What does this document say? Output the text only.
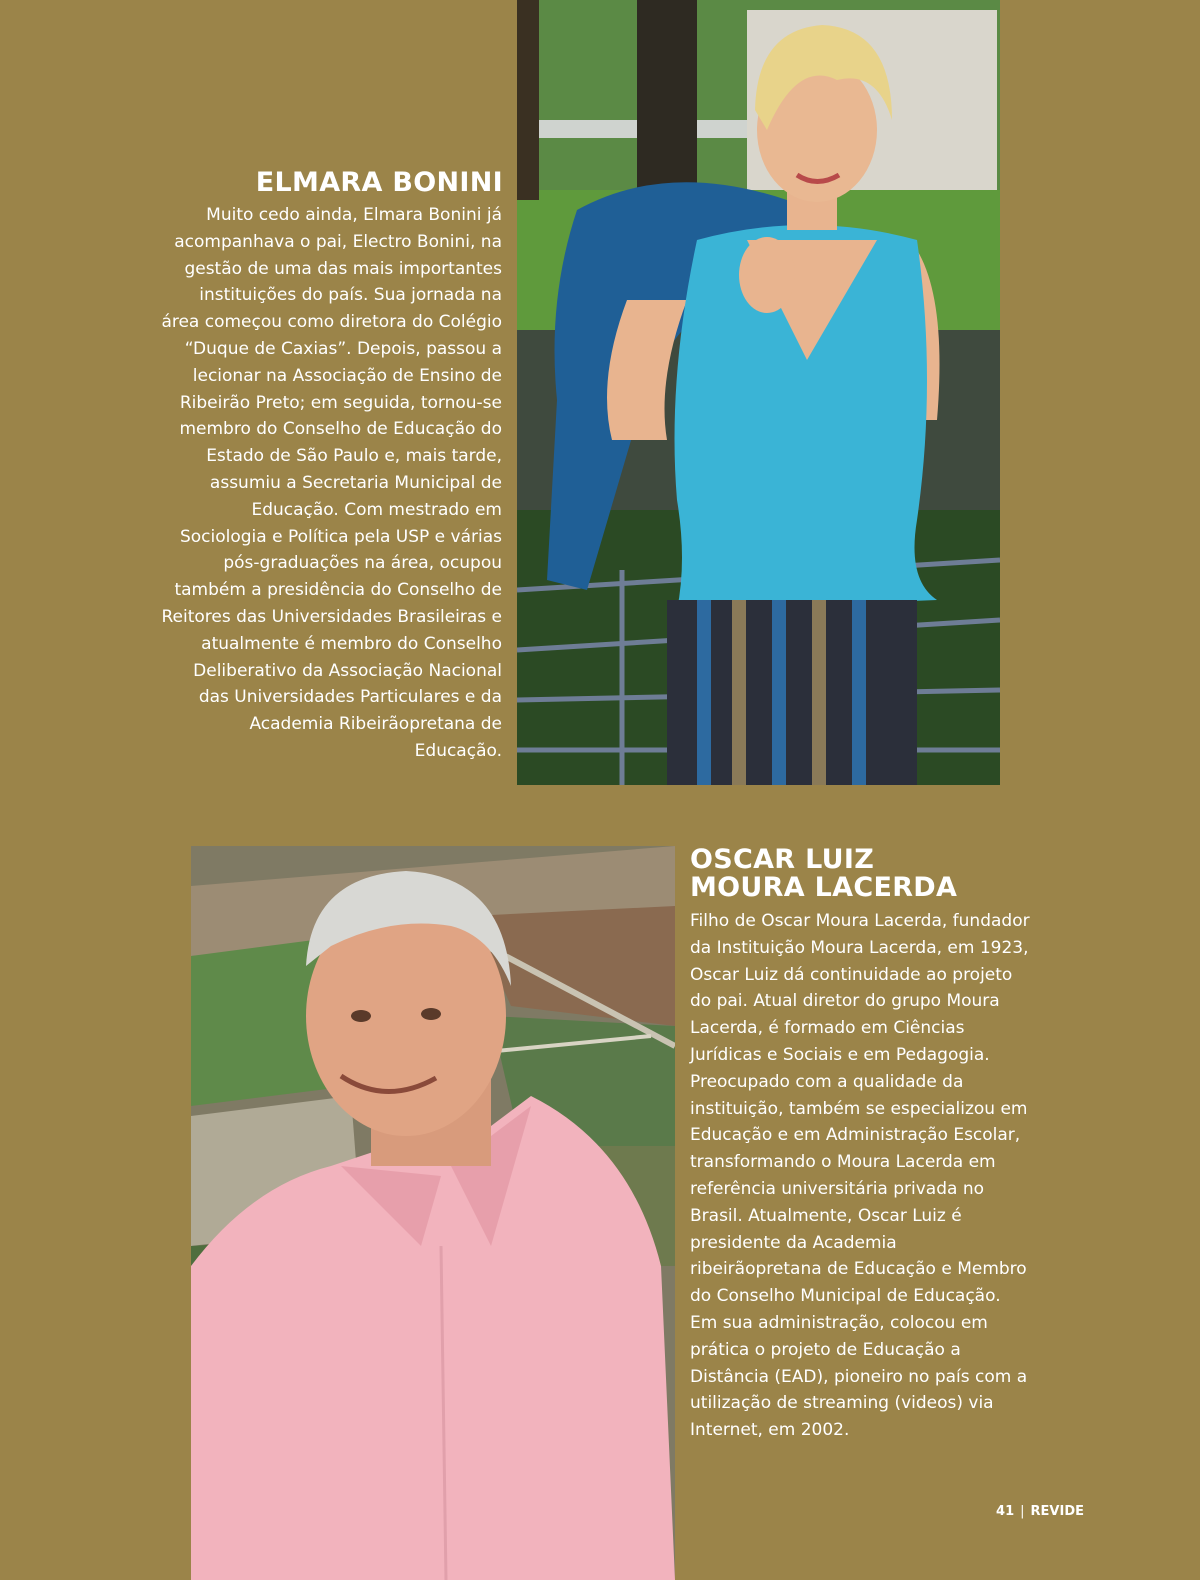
ELMARA BONINI

Muito cedo ainda, Elmara Bonini já acompanhava o pai, Electro Bonini, na gestão de uma das mais importantes instituições do país. Sua jornada na área começou como diretora do Colégio “Duque de Caxias”. Depois, passou a lecionar na Associação de Ensino de Ribeirão Preto; em seguida, tornou-se membro do Conselho de Educação do Estado de São Paulo e, mais tarde, assumiu a Secretaria Municipal de Educação. Com mestrado em Sociologia e Política pela USP e várias pós-graduações na área, ocupou também a presidência do Conselho de Reitores das Universidades Brasileiras e atualmente é membro do Conselho Deliberativo da Associação Nacional das Universidades Particulares e da Academia Ribeirãopretana de Educação.

OSCAR LUIZ
MOURA LACERDA

Filho de Oscar Moura Lacerda, fundador da Instituição Moura Lacerda, em 1923, Oscar Luiz dá continuidade ao projeto do pai. Atual diretor do grupo Moura Lacerda, é formado em Ciências Jurídicas e Sociais e em Pedagogia. Preocupado com a qualidade da instituição, também se especializou em Educação e em Administração Escolar, transformando o Moura Lacerda em referência universitária privada no Brasil. Atualmente, Oscar Luiz é presidente da Academia ribeirãopretana de Educação e Membro do Conselho Municipal de Educação. Em sua administração, colocou em prática o projeto de Educação a Distância (EAD), pioneiro no país com a utilização de streaming (videos) via Internet, em 2002.

41 | REVIDE
